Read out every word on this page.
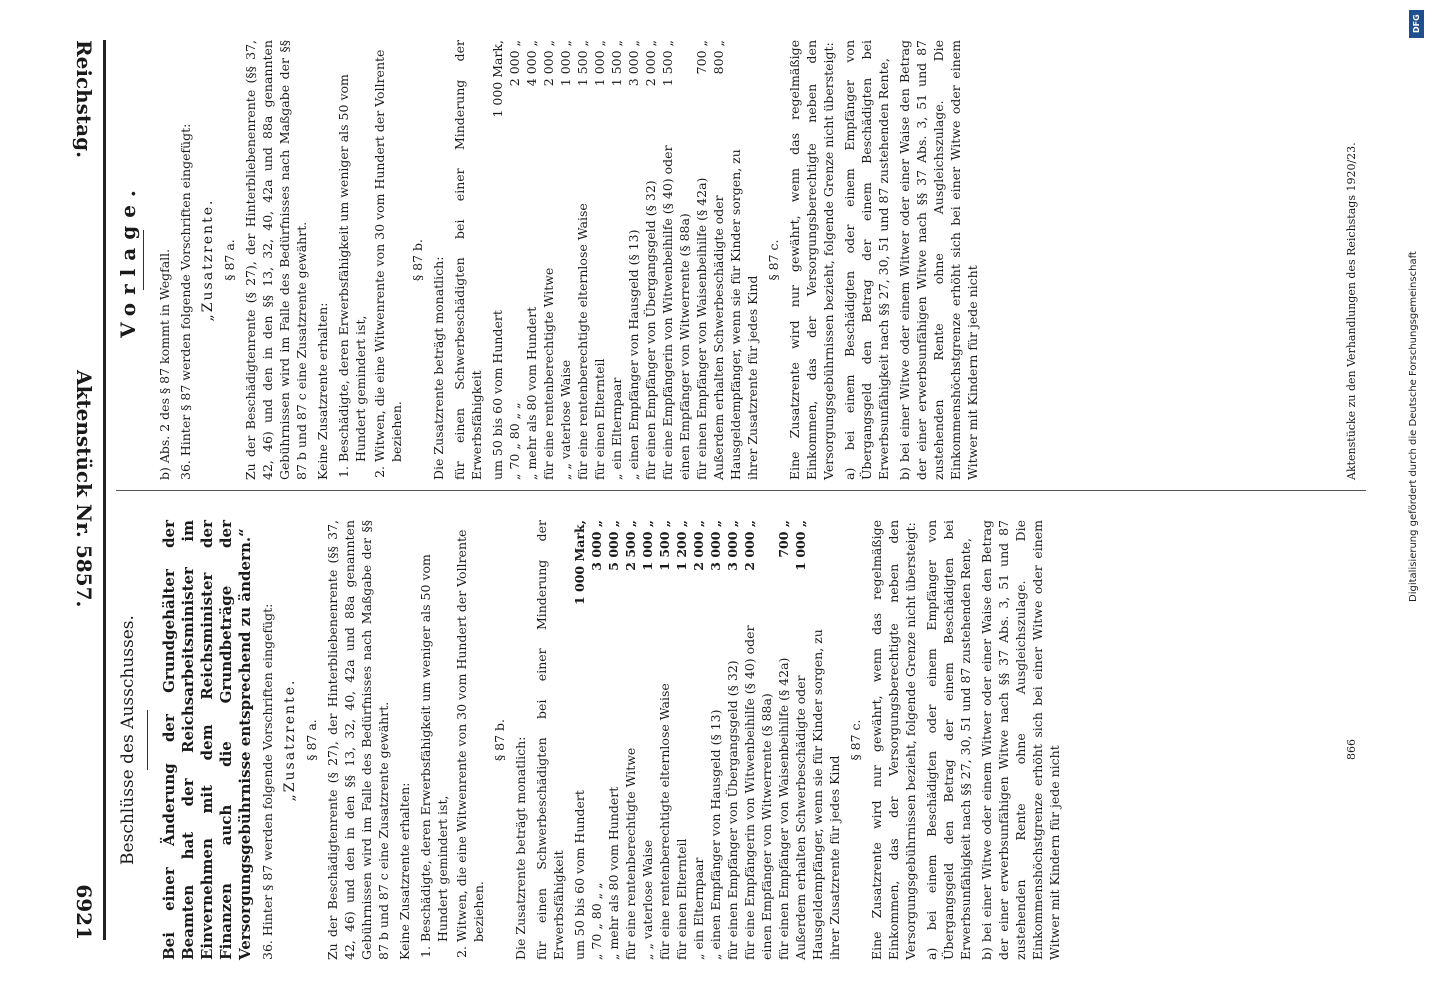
DFG
Digitalisierung gefördert durch die Deutsche Forschungsgemeinschaft
Reichstag.
Aktenstück Nr. 5857.
6921
Vorlage. b) Abs. 2 des § 87 kommt in Wegfall. 36. Hinter § 87 werden folgende Vorschriften eingefügt: „Zusatzrente. § 87 a. Zu der Beschädigtenrente (§ 27), der Hinterbliebenenrente (§§ 37, 42, 46) und den in den §§ 13, 32, 40, 42a und 88a genannten Gebührnissen wird im Falle des Bedürfnisses nach Maßgabe der §§ 87 b und 87 c eine Zusatzrente gewährt. Keine Zusatzrente erhalten: 1. Beschädigte, deren Erwerbsfähigkeit um weniger als 50 vom Hundert gemindert ist, 2. Witwen, die eine Witwenrente von 30 vom Hundert der Vollrente beziehen.
§ 87 b. Die Zusatzrente beträgt monatlich: für einen Schwerbeschädigten bei einer Minderung der Erwerbsfähigkeit um 50 bis 60 vom Hundert
1 000 Mark,
„ 70 „ 80 „ „
2 000 „
„ mehr als 80 vom Hundert
4 000 „
für eine rentenberechtigte Witwe
2 000 „
„ „ vaterlose Waise
1 000 „
für eine rentenberechtigte elternlose Waise
1 500 „
für einen Elternteil
1 000 „
„ ein Elternpaar
1 500 „
„ einen Empfänger von Hausgeld (§ 13)
3 000 „
für einen Empfänger von Übergangsgeld (§ 32)
2 000 „
für eine Empfängerin von Witwenbeihilfe (§ 40) oder einen Empfänger von Witwerrente (§ 88a)
1 500 „
für einen Empfänger von Waisenbeihilfe (§ 42a)
700 „
Außerdem erhalten Schwerbeschädigte oder Hausgeldempfänger, wenn sie für Kinder sorgen, zu ihrer Zusatzrente für jedes Kind
800 „
§ 87 c. Eine Zusatzrente wird nur gewährt, wenn das regelmäßige Einkommen, das der Versorgungsberechtigte neben den Versorgungsgebührnissen bezieht, folgende Grenze nicht übersteigt: a) bei einem Beschädigten oder einem Empfänger von Übergangsgeld den Betrag der einem Beschädigten bei Erwerbsunfähigkeit nach §§ 27, 30, 51 und 87 zustehenden Rente, b) bei einer Witwe oder einem Witwer oder einer Waise den Betrag der einer erwerbsunfähigen Witwe nach §§ 37 Abs. 3, 51 und 87 zustehenden Rente ohne Ausgleichszulage. Die Einkommenshöchstgrenze erhöht sich bei einer Witwe oder einem Witwer mit Kindern für jede nicht	Aktenstücke zu den Verhandlungen des Reichstags 1920/23.
Beschlüsse des Ausschusses. Bei einer Änderung der Grundgehälter der Beamten hat der Reichsarbeitsminister im Einvernehmen mit dem Reichsminister der Finanzen auch die Grundbeträge der Versorgungsgebührnisse entsprechend zu ändern.“ 36. Hinter § 87 werden folgende Vorschriften eingefügt: „Zusatzrente. § 87 a. Zu der Beschädigtenrente (§ 27), der Hinterbliebenenrente (§§ 37, 42, 46) und den in den §§ 13, 32, 40, 42a und 88a genannten Gebührnissen wird im Falle des Bedürfnisses nach Maßgabe der §§ 87 b und 87 c eine Zusatzrente gewährt. Keine Zusatzrente erhalten: 1. Beschädigte, deren Erwerbsfähigkeit um weniger als 50 vom Hundert gemindert ist, 2. Witwen, die eine Witwenrente von 30 vom Hundert der Vollrente beziehen.
§ 87 b. Die Zusatzrente beträgt monatlich: für einen Schwerbeschädigten bei einer Minderung der Erwerbsfähigkeit um 50 bis 60 vom Hundert
1 000 Mark,
„ 70 „ 80 „ „
3 000 „
„ mehr als 80 vom Hundert
5 000 „
für eine rentenberechtigte Witwe
2 500 „
„ „ vaterlose Waise
1 000 „
für eine rentenberechtigte elternlose Waise
1 500 „
für einen Elternteil
1 200 „
„ ein Elternpaar
2 000 „
„ einen Empfänger von Hausgeld (§ 13)
3 000 „
für einen Empfänger von Übergangsgeld (§ 32)
3 000 „
für eine Empfängerin von Witwenbeihilfe (§ 40) oder einen Empfänger von Witwerrente (§ 88a)
2 000 „
für einen Empfänger von Waisenbeihilfe (§ 42a)
700 „
Außerdem erhalten Schwerbeschädigte oder Hausgeldempfänger, wenn sie für Kinder sorgen, zu ihrer Zusatzrente für jedes Kind
1 000 „
§ 87 c. Eine Zusatzrente wird nur gewährt, wenn das regelmäßige Einkommen, das der Versorgungsberechtigte neben den Versorgungsgebührnissen bezieht, folgende Grenze nicht übersteigt: a) bei einem Beschädigten oder einem Empfänger von Übergangsgeld den Betrag der einem Beschädigten bei Erwerbsunfähigkeit nach §§ 27, 30, 51 und 87 zustehenden Rente, b) bei einer Witwe oder einem Witwer oder einer Waise den Betrag der einer erwerbsunfähigen Witwe nach §§ 37 Abs. 3, 51 und 87 zustehenden Rente ohne Ausgleichszulage. Die Einkommenshöchstgrenze erhöht sich bei einer Witwe oder einem Witwer mit Kindern für jede nicht	866
